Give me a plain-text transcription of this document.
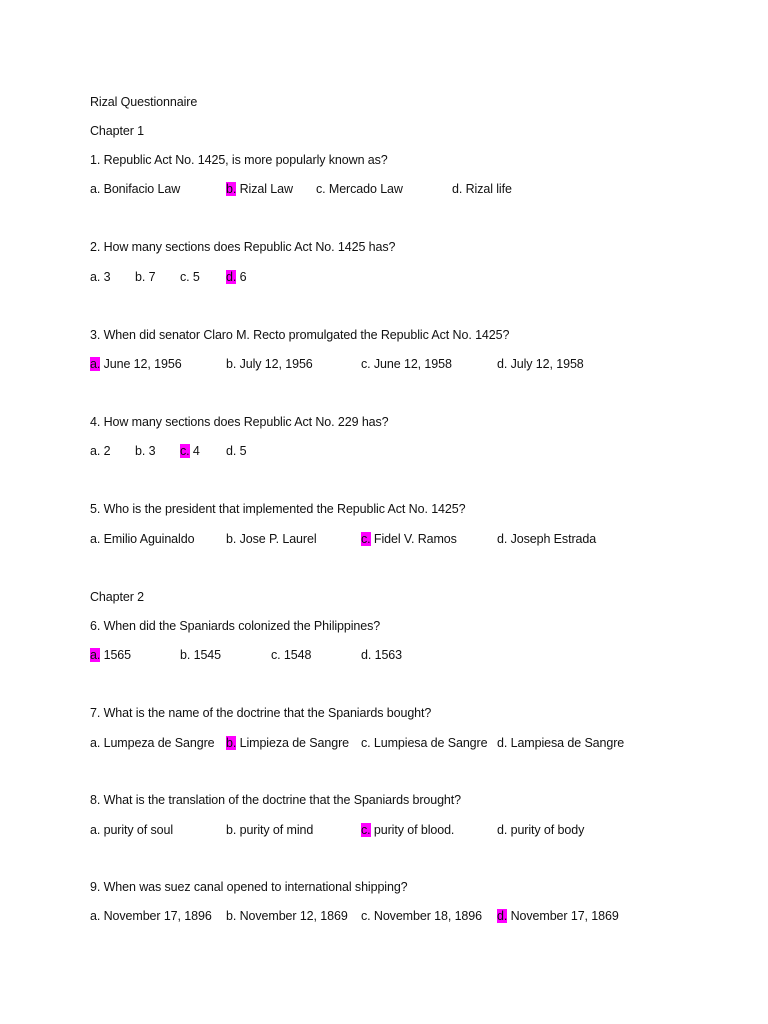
Rizal Questionnaire
Chapter 1
1. Republic Act No. 1425, is more popularly known as?
a. Bonifacio Law	b. Rizal Law c. Mercado Law	d. Rizal life
2. How many sections does Republic Act No. 1425 has?
a. 3 b. 7 c. 5 d. 6
3. When did senator Claro M. Recto promulgated the Republic Act No. 1425?
a. June 12, 1956	b. July 12, 1956	c. June 12, 1958	d. July 12, 1958
4. How many sections does Republic Act No. 229 has?
a. 2 b. 3 c. 4 d. 5
5. Who is the president that implemented the Republic Act No. 1425?
a. Emilio Aguinaldo	b. Jose P. Laurel	c. Fidel V. Ramos	d. Joseph Estrada
Chapter 2
6. When did the Spaniards colonized the Philippines?
a. 1565	b. 1545	c. 1548	d. 1563
7. What is the name of the doctrine that the Spaniards bought?
a. Lumpeza de Sangre b. Limpieza de Sangre c. Lumpiesa de Sangre d. Lampiesa de Sangre
8. What is the translation of the doctrine that the Spaniards brought?
a. purity of soul	b. purity of mind	c. purity of blood.	d. purity of body
9. When was suez canal opened to international shipping?
a. November 17, 1896 b. November 12, 1869 c. November 18, 1896 d. November 17, 1869
